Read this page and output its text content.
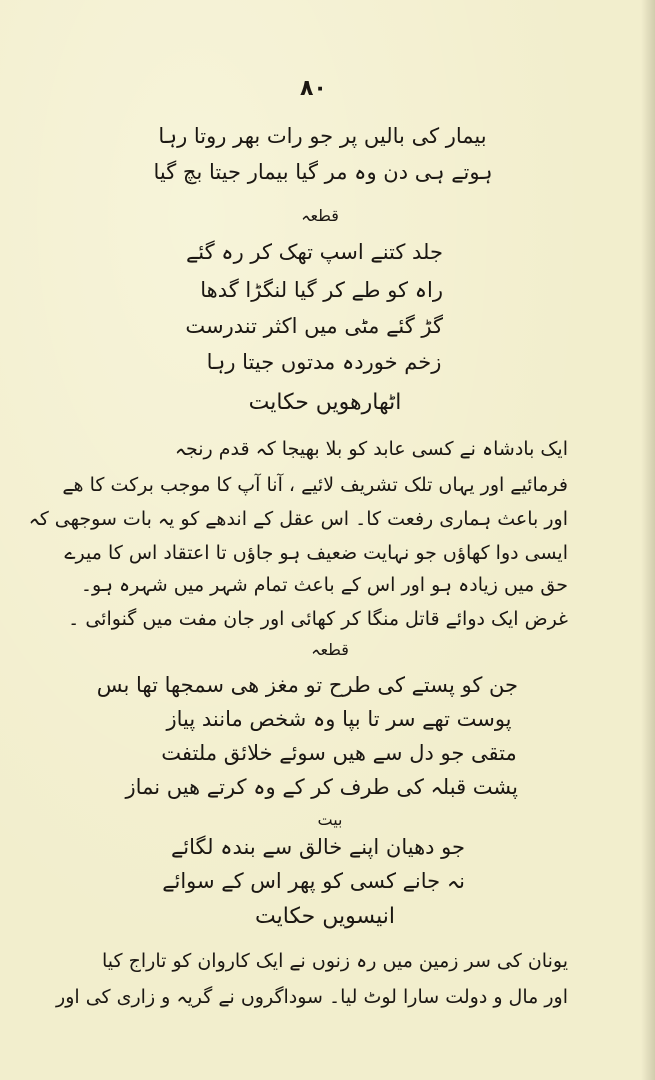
۸۰
بیمار کی بالیں پر جو رات بھر روتا رہا
ہوتے ہی دن وہ مر گیا بیمار جیتا بچ گیا
قطعہ
جلد کتنے اسپ تھک کر رہ گئے
راہ کو طے کر گیا لنگڑا گدھا
گڑ گئے مٹی میں اکثر تندرست
زخم خوردہ مدتوں جیتا رہا
اٹھارھویں حکایت
ایک بادشاہ نے کسی عابد کو بلا بھیجا کہ قدم رنجہ
فرمائیے اور یہاں تلک تشریف لائیے ، آنا آپ کا موجب برکت کا ھے
اور باعث ہماری رفعت کا۔ اس عقل کے اندھے کو یہ بات سوجھی کہ
ایسی دوا کھاؤں جو نہایت ضعیف ہو جاؤں تا اعتقاد اس کا میرے
حق میں زیادہ ہو اور اس کے باعث تمام شہر میں شہرہ ہو۔
غرض ایک دوائے قاتل منگا کر کھائی اور جان مفت میں گنوائی ۔
قطعہ
جن کو پستے کی طرح تو مغز ھی سمجھا تھا بس
پوست تھے سر تا بپا وہ شخص مانند پیاز
متقی جو دل سے ھیں سوئے خلائق ملتفت
پشت قبلہ کی طرف کر کے وہ کرتے ھیں نماز
بیت
جو دھیان اپنے خالق سے بندہ لگائے
نہ جانے کسی کو پھر اس کے سوائے
انیسویں حکایت
یونان کی سر زمین میں رہ زنوں نے ایک کاروان کو تاراج کیا
اور مال و دولت سارا لوٹ لیا۔ سوداگروں نے گریہ و زاری کی اور
